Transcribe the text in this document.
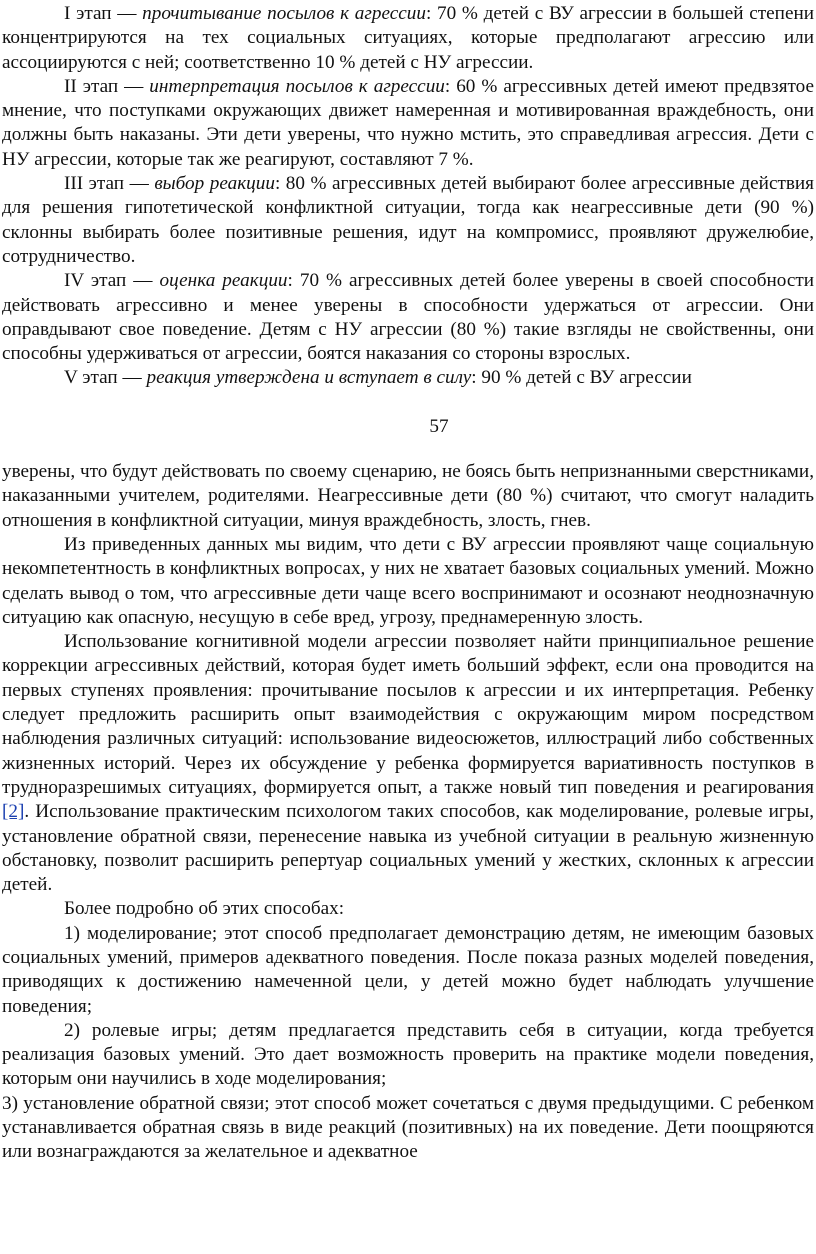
I этап — прочитывание посылов к агрессии: 70 % детей с ВУ агрессии в большей степени концентрируются на тех социальных ситуациях, которые предполагают агрессию или ассоциируются с ней; соответственно 10 % детей с НУ агрессии.

II этап — интерпретация посылов к агрессии: 60 % агрессивных детей имеют предвзятое мнение, что поступками окружающих движет намеренная и мотивированная враждебность, они должны быть наказаны. Эти дети уверены, что нужно мстить, это справедливая агрессия. Дети с НУ агрессии, которые так же реагируют, составляют 7 %.

III этап — выбор реакции: 80 % агрессивных детей выбирают более агрессивные действия для решения гипотетической конфликтной ситуации, тогда как неагрессивные дети (90 %) склонны выбирать более позитивные решения, идут на компромисс, проявляют дружелюбие, сотрудничество.

IV этап — оценка реакции: 70 % агрессивных детей более уверены в своей способности действовать агрессивно и менее уверены в способности удержаться от агрессии. Они оправдывают свое поведение. Детям с НУ агрессии (80 %) такие взгляды не свойственны, они способны удерживаться от агрессии, боятся наказания со стороны взрослых.

V этап — реакция утверждена и вступает в силу: 90 % детей с ВУ агрессии

57

уверены, что будут действовать по своему сценарию, не боясь быть непризнанными сверстниками, наказанными учителем, родителями. Неагрессивные дети (80 %) считают, что смогут наладить отношения в конфликтной ситуации, минуя враждебность, злость, гнев.

Из приведенных данных мы видим, что дети с ВУ агрессии проявляют чаще социальную некомпетентность в конфликтных вопросах, у них не хватает базовых социальных умений. Можно сделать вывод о том, что агрессивные дети чаще всего воспринимают и осознают неоднозначную ситуацию как опасную, несущую в себе вред, угрозу, преднамеренную злость.

Использование когнитивной модели агрессии позволяет найти принципиальное решение коррекции агрессивных действий, которая будет иметь больший эффект, если она проводится на первых ступенях проявления: прочитывание посылов к агрессии и их интерпретация. Ребенку следует предложить расширить опыт взаимодействия с окружающим миром посредством наблюдения различных ситуаций: использование видеосюжетов, иллюстраций либо собственных жизненных историй. Через их обсуждение у ребенка формируется вариативность поступков в трудноразрешимых ситуациях, формируется опыт, а также новый тип поведения и реагирования [2]. Использование практическим психологом таких способов, как моделирование, ролевые игры, установление обратной связи, перенесение навыка из учебной ситуации в реальную жизненную обстановку, позволит расширить репертуар социальных умений у жестких, склонных к агрессии детей.

Более подробно об этих способах:

1) моделирование; этот способ предполагает демонстрацию детям, не имеющим базовых социальных умений, примеров адекватного поведения. После показа разных моделей поведения, приводящих к достижению намеченной цели, у детей можно будет наблюдать улучшение поведения;

2) ролевые игры; детям предлагается представить себя в ситуации, когда требуется реализация базовых умений. Это дает возможность проверить на практике модели поведения, которым они научились в ходе моделирования;

3) установление обратной связи; этот способ может сочетаться с двумя предыдущими. С ребенком устанавливается обратная связь в виде реакций (позитивных) на их поведение. Дети поощряются или вознаграждаются за желательное и адекватное
